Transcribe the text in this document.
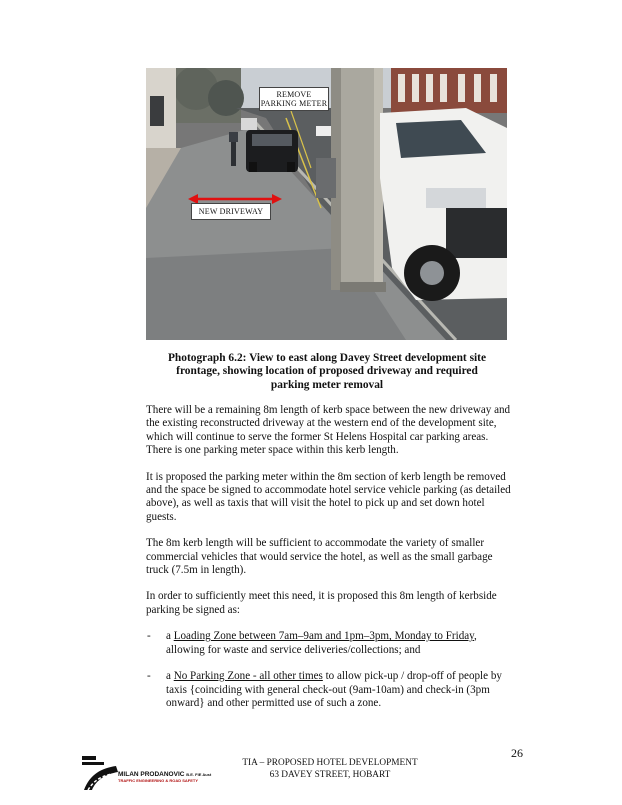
REMOVE PARKING METER
NEW DRIVEWAY
Photograph 6.2: View to east along Davey Street development site
frontage, showing location of proposed driveway and required
parking meter removal

There will be a remaining 8m length of kerb space between the new driveway and the existing reconstructed driveway at the western end of the development site, which will continue to serve the former St Helens Hospital car parking areas. There is one parking meter space within this kerb length.

It is proposed the parking meter within the 8m section of kerb length be removed and the space be signed to accommodate hotel service vehicle parking (as detailed above), as well as taxis that will visit the hotel to pick up and set down hotel guests.

The 8m kerb length will be sufficient to accommodate the variety of smaller commercial vehicles that would service the hotel, as well as the small garbage truck (7.5m in length).

In order to sufficiently meet this need, it is proposed this 8m length of kerbside parking be signed as:

- a Loading Zone between 7am–9am and 1pm–3pm, Monday to Friday, allowing for waste and service deliveries/collections; and
- a No Parking Zone - all other times to allow pick-up / drop-off of people by taxis {coinciding with general check-out (9am-10am) and check-in (3pm onward} and other permitted use of such a zone.
26
MILAN PRODANOVIC B.E. FIE Aust
TRAFFIC ENGINEERING & ROAD SAFETY
TIA – PROPOSED HOTEL DEVELOPMENT
63 DAVEY STREET, HOBART
